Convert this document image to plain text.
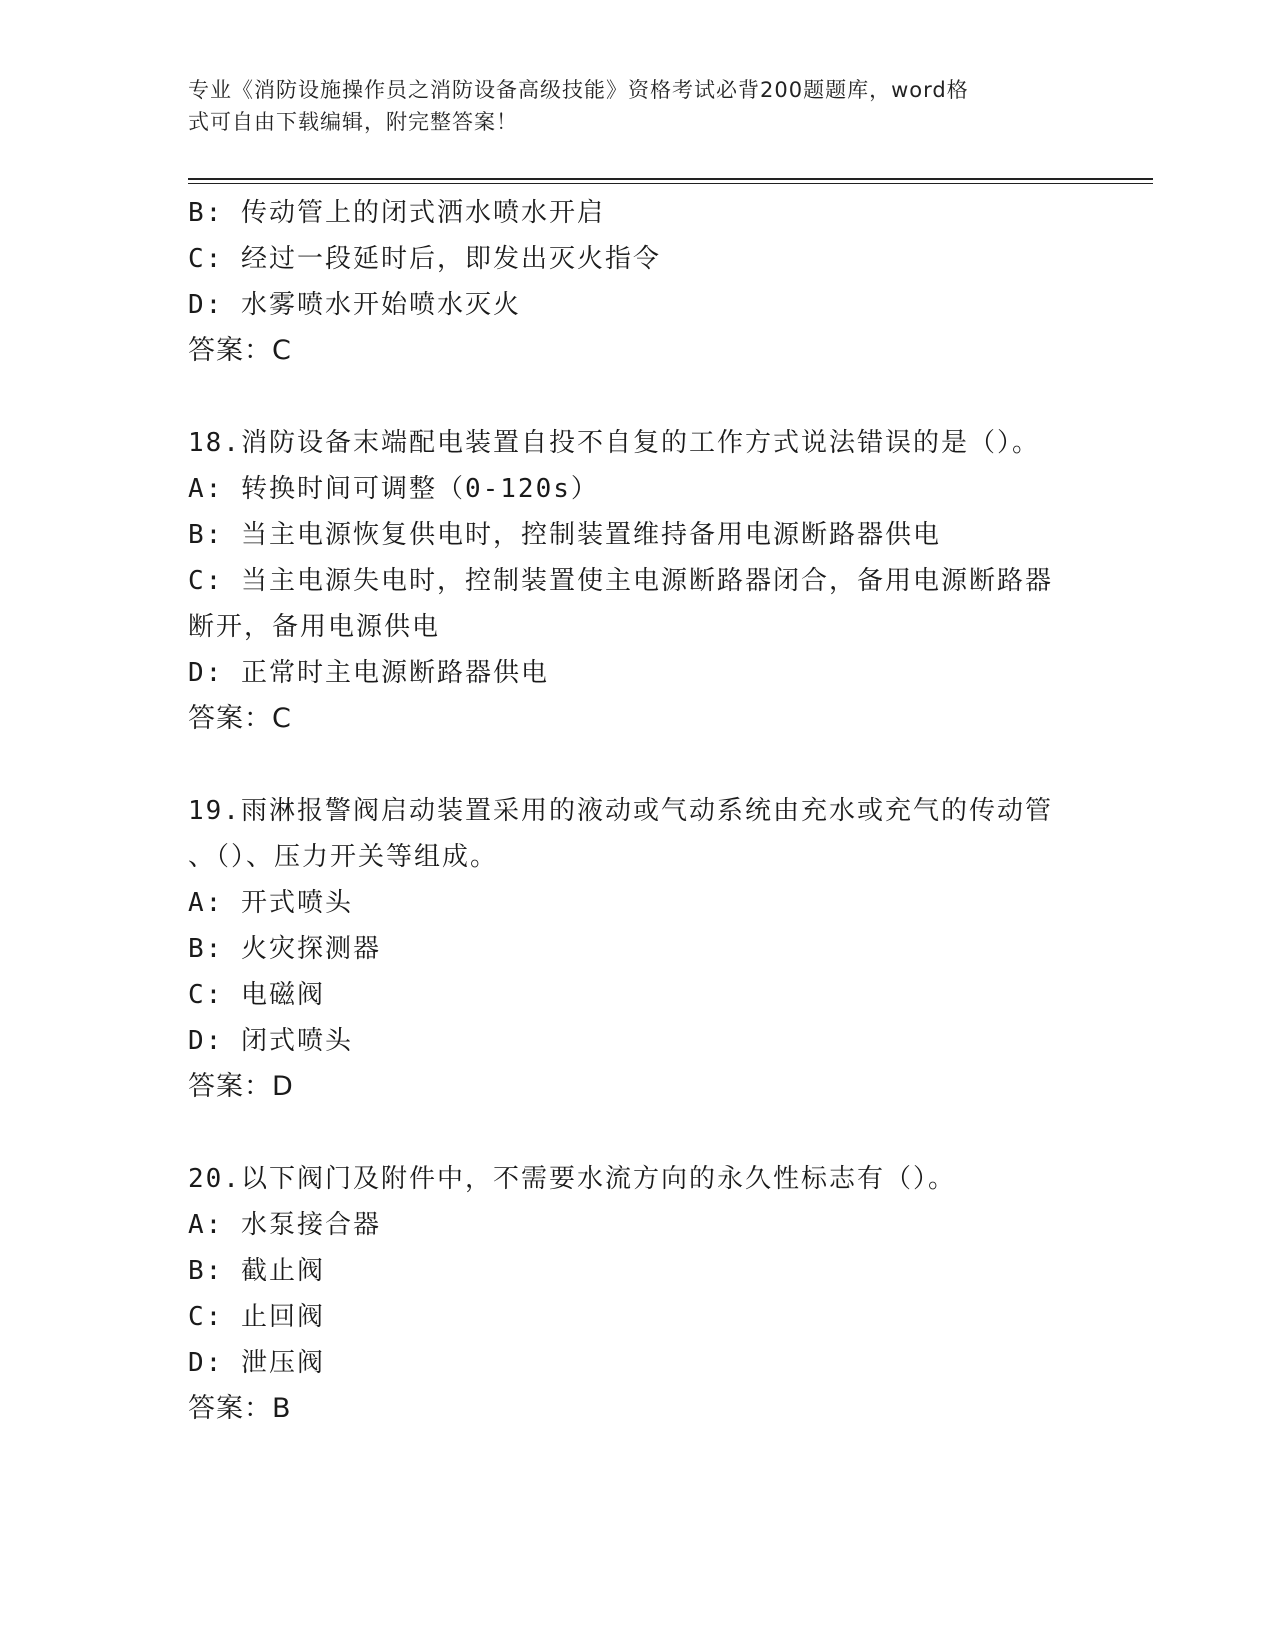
专业《消防设施操作员之消防设备高级技能》资格考试必背200题题库，word格
式可自由下载编辑，附完整答案！
B: 传动管上的闭式洒水喷水开启
C: 经过一段延时后，即发出灭火指令
D: 水雾喷水开始喷水灭火
答案：C
18.消防设备末端配电装置自投不自复的工作方式说法错误的是（）。
A: 转换时间可调整（0-120s）
B: 当主电源恢复供电时，控制装置维持备用电源断路器供电
C: 当主电源失电时，控制装置使主电源断路器闭合，备用电源断路器
断开，备用电源供电
D: 正常时主电源断路器供电
答案：C
19.雨淋报警阀启动装置采用的液动或气动系统由充水或充气的传动管
、（）、压力开关等组成。
A: 开式喷头
B: 火灾探测器
C: 电磁阀
D: 闭式喷头
答案：D
20.以下阀门及附件中，不需要水流方向的永久性标志有（）。
A: 水泵接合器
B: 截止阀
C: 止回阀
D: 泄压阀
答案：B
